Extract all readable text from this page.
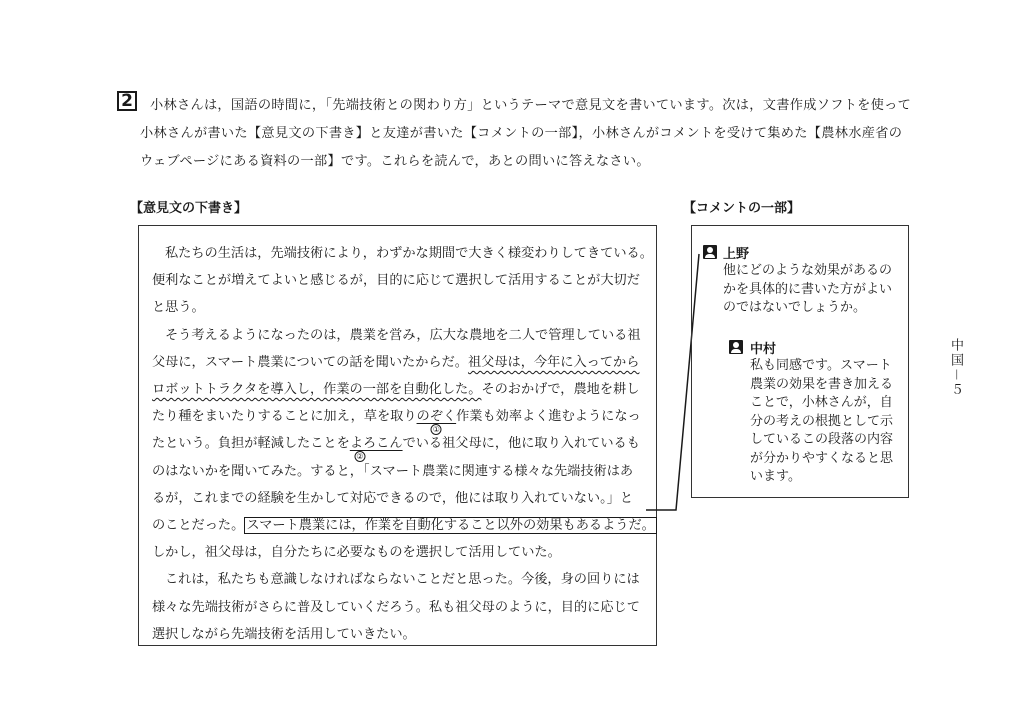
2	小林さんは，国語の時間に，「先端技術との関わり方」というテーマで意見文を書いています。次は，文書作成ソフトを使って
小林さんが書いた【意見文の下書き】と友達が書いた【コメントの一部】，小林さんがコメントを受けて集めた【農林水産省の
ウェブページにある資料の一部】です。これらを読んで，あとの問いに答えなさい。
【意見文の下書き】	【コメントの一部】
私たちの生活は，先端技術により，わずかな期間で大きく様変わりしてきている。
便利なことが増えてよいと感じるが，目的に応じて選択して活用することが大切だ
と思う。
そう考えるようになったのは，農業を営み，広大な農地を二人で管理している祖
父母に，スマート農業についての話を聞いたからだ。祖父母は，今年に入ってから
ロボットトラクタを導入し，作業の一部を自動化した。そのおかげで，農地を耕し
たり種をまいたりすることに加え，草を取りのぞく
①
作業も効率よく進むようになっ
たという。負担が軽減したことをよろこん
②
でいる祖父母に，他に取り入れているも
のはないかを聞いてみた。すると，「スマート農業に関連する様々な先端技術はあ
るが，これまでの経験を生かして対応できるので，他には取り入れていない。」と
のことだった。 スマート農業には，作業を自動化すること以外の効果もあるようだ。
しかし，祖父母は，自分たちに必要なものを選択して活用していた。
これは，私たちも意識しなければならないことだと思った。今後，身の回りには
様々な先端技術がさらに普及していくだろう。私も祖父母のように，目的に応じて
選択しながら先端技術を活用していきたい。
上野
他にどのような効果があるの
かを具体的に書いた方がよい
のではないでしょうか。
中村
私も同感です。スマート
農業の効果を書き加える
ことで，小林さんが，自
分の考えの根拠として示
しているこの段落の内容
が分かりやすくなると思
います。
中国－５
